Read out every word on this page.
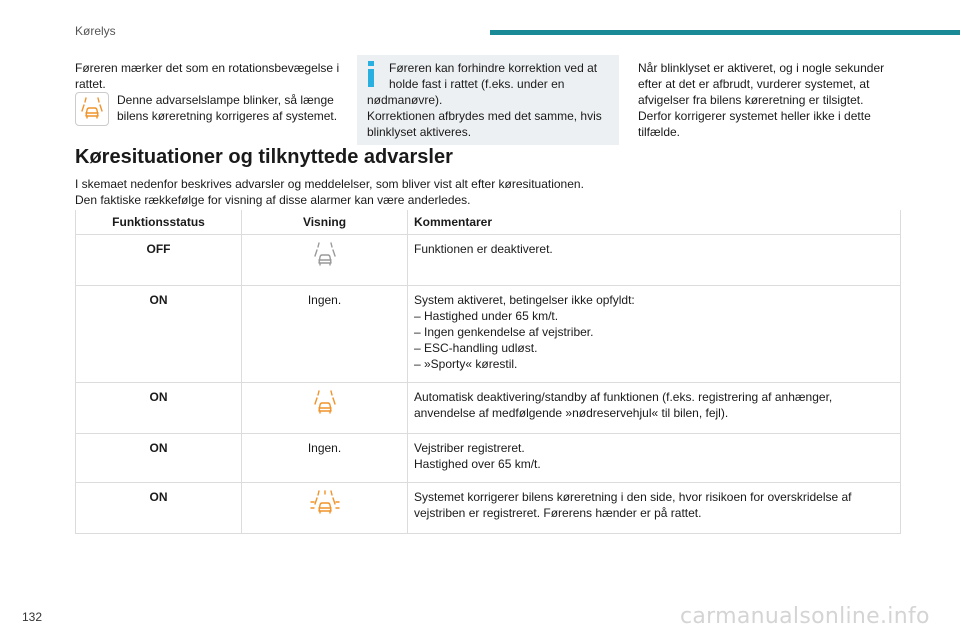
Kørelys

Føreren mærker det som en rotationsbevægelse i rattet.

Denne advarselslampe blinker, så længe bilens køreretning korrigeres af systemet.
Føreren kan forhindre korrektion ved at holde fast i rattet (f.eks. under en
nødmanøvre).
Korrektionen afbrydes med det samme, hvis blinklyset aktiveres.

Når blinklyset er aktiveret, og i nogle sekunder efter at det er afbrudt, vurderer systemet, at afvigelser fra bilens køreretning er tilsigtet.

Derfor korrigerer systemet heller ikke i dette tilfælde.

Køresituationer og tilknyttede advarsler

I skemaet nedenfor beskrives advarsler og meddelelser, som bliver vist alt efter køresituationen.

Den faktiske rækkefølge for visning af disse alarmer kan være anderledes.

Funktionsstatus	Visning	Kommentarer
OFF		Funktionen er deaktiveret.
ON	Ingen.	System aktiveret, betingelser ikke opfyldt:
– Hastighed under 65 km/t.
– Ingen genkendelse af vejstriber.
– ESC-handling udløst.
– »Sporty« kørestil.

ON		Automatisk deaktivering/standby af funktionen (f.eks. registrering af anhænger, anvendelse af medfølgende »nødreservehjul« til bilen, fejl).
ON	Ingen.	Vejstriber registreret.
Hastighed over 65 km/t.

ON		Systemet korrigerer bilens køreretning i den side, hvor risikoen for overskridelse af vejstriben er registreret. Førerens hænder er på rattet.
132	carmanualsonline.info
